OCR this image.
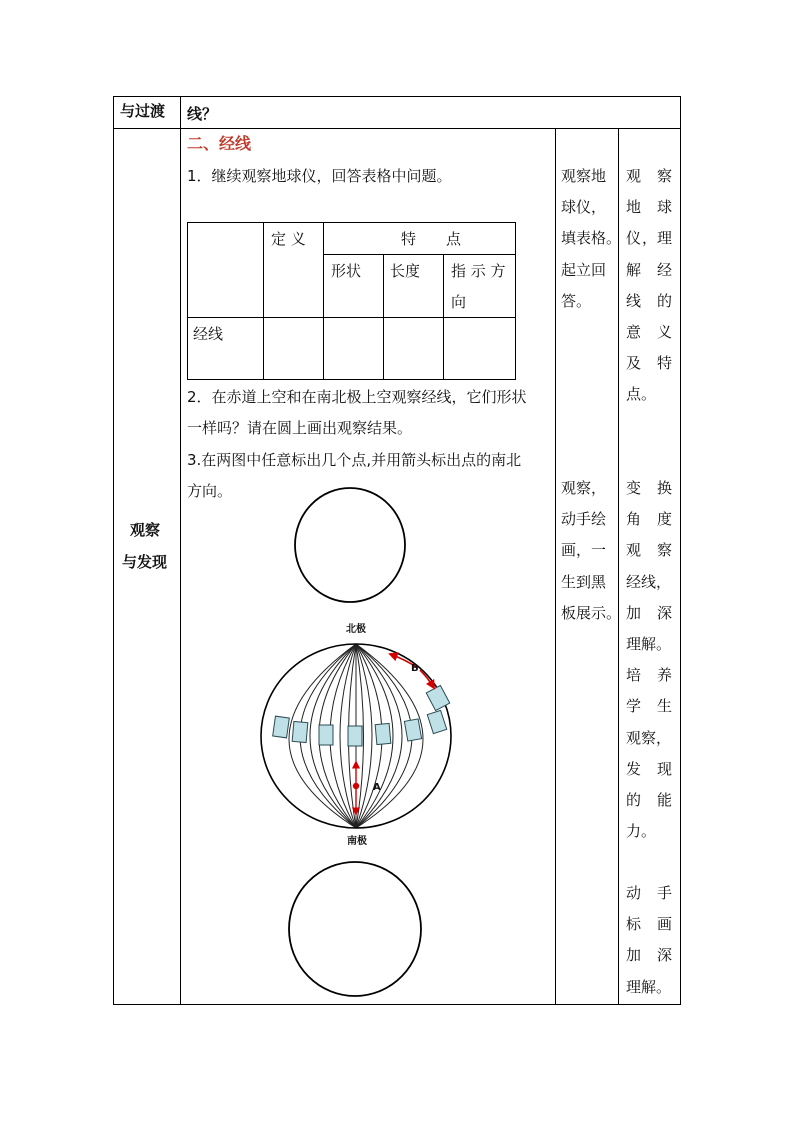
与过渡 线？
观察
与发现
二、经线
1．继续观察地球仪，回答表格中问题。
定 义	特　　点
形状 长度 指 示 方
向
经线
2．在赤道上空和在南北极上空观察经线，它们形状
一样吗？请在圆上画出观察结果。
3.在两图中任意标出几个点,并用箭头标出点的南北
方向。
北极
南极
A
B
观察地
球仪，
填表格。
起立回
答。
观察，
动手绘
画，一
生到黑
板展示。
观 察
地 球
仪 ，理
解 经
线 的
意 义
及 特
点。
变 换
角 度
观 察
经线，
加 深
理解。
培 养
学 生
观察，
发 现
的 能
力。
动 手
标 画
加 深
理解。
